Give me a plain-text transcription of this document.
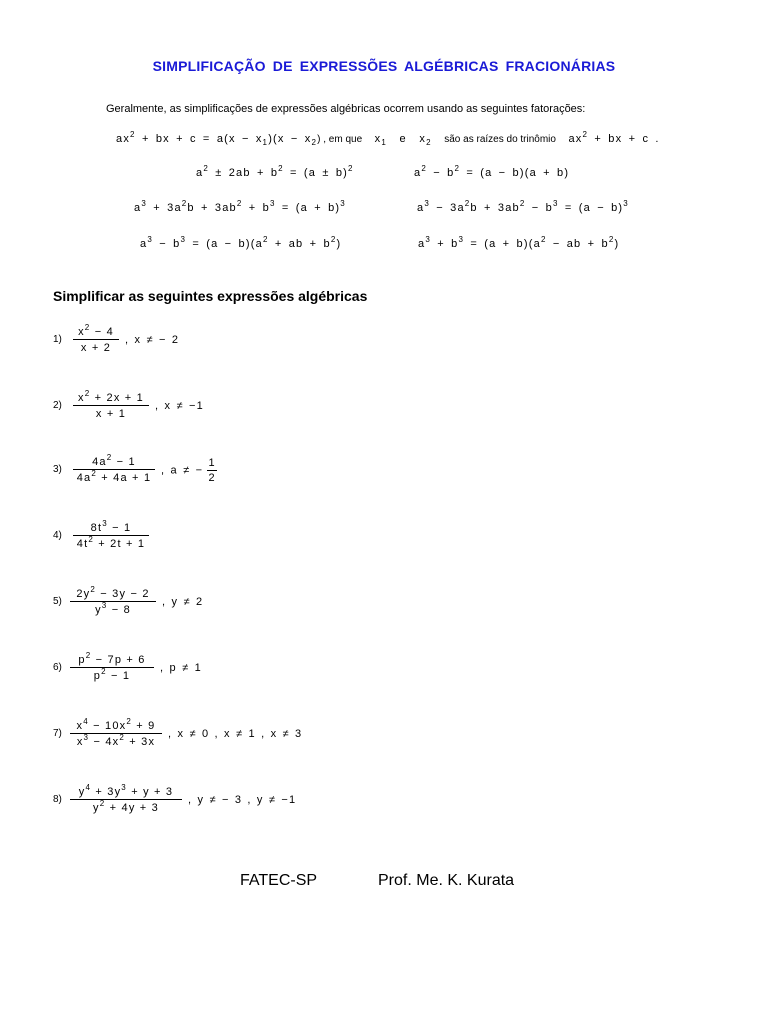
SIMPLIFICAÇÃO DE EXPRESSÕES ALGÉBRICAS FRACIONÁRIAS
Geralmente, as simplificações de expressões algébricas ocorrem usando as seguintes fatorações:
$ax^2$ + bx + $c = a(x - x_1)(x - x_2)$ , em que $x_1$ e $x_2$ são as raízes do trinômio $ax^2$ + bx + c .
$a^2 \pm 2ab + b^2 = (a \pm b)^2$	$a^2 - b^2 = (a - b)(a + b)$
$a^3 + 3a^2b + 3ab^2 + b^3 = (a + b)^3$	$a^3 - 3a^2b + 3ab^2 - b^3 = (a - b)^3$
$a^3 - b^3 = (a - b)(a^2$ + ab + $b^2$)	$a^3 + b^3 = (a + b)(a^2$ − ab + $b^2$)
Simplificar as seguintes expressões algébricas
1)
$x^2 - 4$
x + 2
, x ≠ − 2
2)
$x^2 + 2x + 1$
x + 1
, x ≠ −1
3)
$4a^2 - 1$
$4a^2 + 4a + 1$
, a ≠ − $\frac{1}{2}$
4)
$8t^3 - 1$
$4t^2 + 2t + 1$
5)
$2y^2 - 3y - 2$
$y^3 - 8$
, y ≠ 2
6)
$p^2 - 7p + 6$
$p^2 - 1$
, p ≠ 1
7)
$x^4 - 10x^2 + 9$
$x^3 - 4x^2 + 3x$
, x ≠ 0 , x ≠ 1 , x ≠ 3
8)
$y^4 + 3y^3 + y + 3$
$y^2 + 4y + 3$
, y ≠ − 3 , y ≠ −1
FATEC-SP	Prof. Me. K. Kurata
